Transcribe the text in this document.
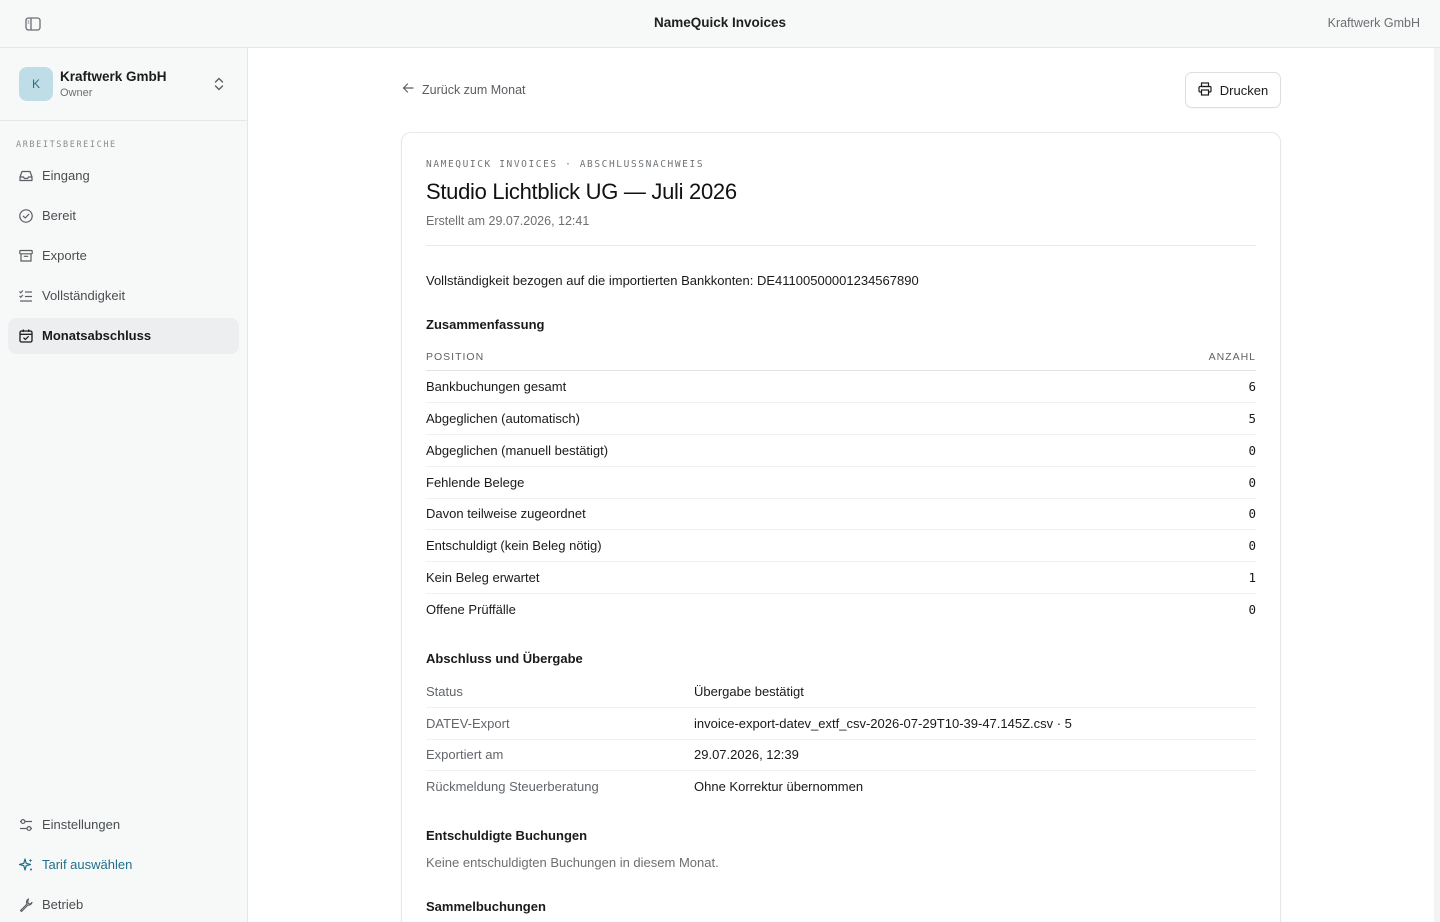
NameQuick Invoices	Kraftwerk GmbH
K	Kraftwerk GmbH
Owner
ARBEITSBEREICHE
Eingang
Bereit
Exporte
Vollständigkeit
Monatsabschluss
Einstellungen
Tarif auswählen
Betrieb
Zurück zum Monat	Drucken
NAMEQUICK INVOICES · ABSCHLUSSNACHWEIS
Studio Lichtblick UG — Juli 2026
Erstellt am 29.07.2026, 12:41
Vollständigkeit bezogen auf die importierten Bankkonten: DE41100500001234567890
Zusammenfassung
POSITION	ANZAHL
Bankbuchungen gesamt	6
Abgeglichen (automatisch)	5
Abgeglichen (manuell bestätigt)	0
Fehlende Belege	0
Davon teilweise zugeordnet	0
Entschuldigt (kein Beleg nötig)	0
Kein Beleg erwartet	1
Offene Prüffälle	0
Abschluss und Übergabe
Status	Übergabe bestätigt
DATEV-Export	invoice-export-datev_extf_csv-2026-07-29T10-39-47.145Z.csv · 5
Exportiert am	29.07.2026, 12:39
Rückmeldung Steuerberatung	Ohne Korrektur übernommen
Entschuldigte Buchungen
Keine entschuldigten Buchungen in diesem Monat.
Sammelbuchungen
